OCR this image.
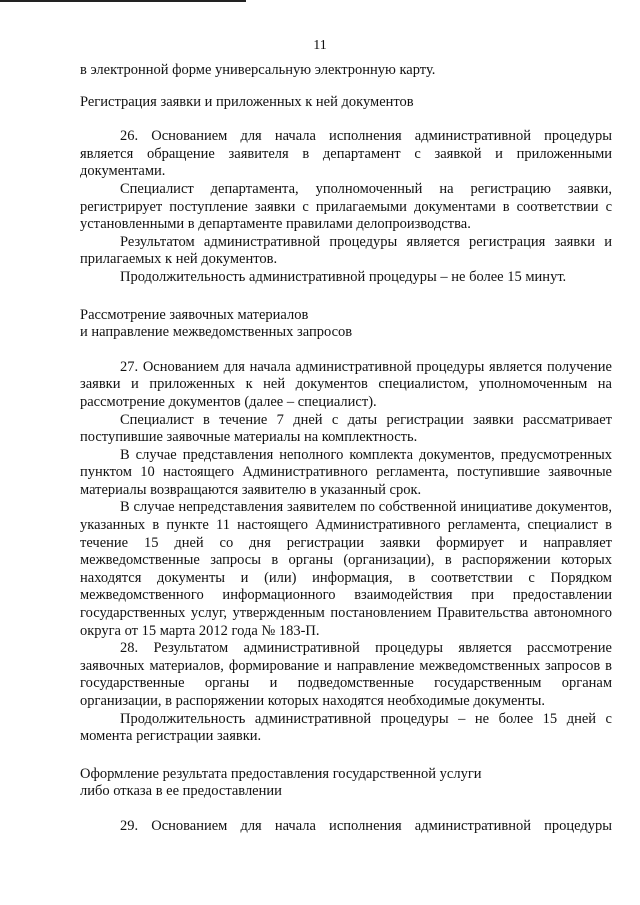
11

в электронной форме универсальную электронную карту.

Регистрация заявки и приложенных к ней документов

26. Основанием для начала исполнения административной процедуры является обращение заявителя в департамент с заявкой и приложенными документами.

Специалист департамента, уполномоченный на регистрацию заявки, регистрирует поступление заявки с прилагаемыми документами в соответствии с установленными в департаменте правилами делопроизводства.

Результатом административной процедуры является регистрация заявки и прилагаемых к ней документов.

Продолжительность административной процедуры – не более 15 минут.

Рассмотрение заявочных материалов

и направление межведомственных запросов

27. Основанием для начала административной процедуры является получение заявки и приложенных к ней документов специалистом, уполномоченным на рассмотрение документов (далее – специалист).

Специалист в течение 7 дней с даты регистрации заявки рассматривает поступившие заявочные материалы на комплектность.

В случае представления неполного комплекта документов, предусмотренных пунктом 10 настоящего Административного регламента, поступившие заявочные материалы возвращаются заявителю в указанный срок.

В случае непредставления заявителем по собственной инициативе документов, указанных в пункте 11 настоящего Административного регламента, специалист в течение 15 дней со дня регистрации заявки формирует и направляет межведомственные запросы в органы (организации), в распоряжении которых находятся документы и (или) информация, в соответствии с Порядком межведомственного информационного взаимодействия при предоставлении государственных услуг, утвержденным постановлением Правительства автономного округа от 15 марта 2012 года № 183-П.

28. Результатом административной процедуры является рассмотрение заявочных материалов, формирование и направление межведомственных запросов в государственные органы и подведомственные государственным органам организации, в распоряжении которых находятся необходимые документы.

Продолжительность административной процедуры – не более 15 дней с момента регистрации заявки.

Оформление результата предоставления государственной услуги

либо отказа в ее предоставлении

29. Основанием для начала исполнения административной процедуры
